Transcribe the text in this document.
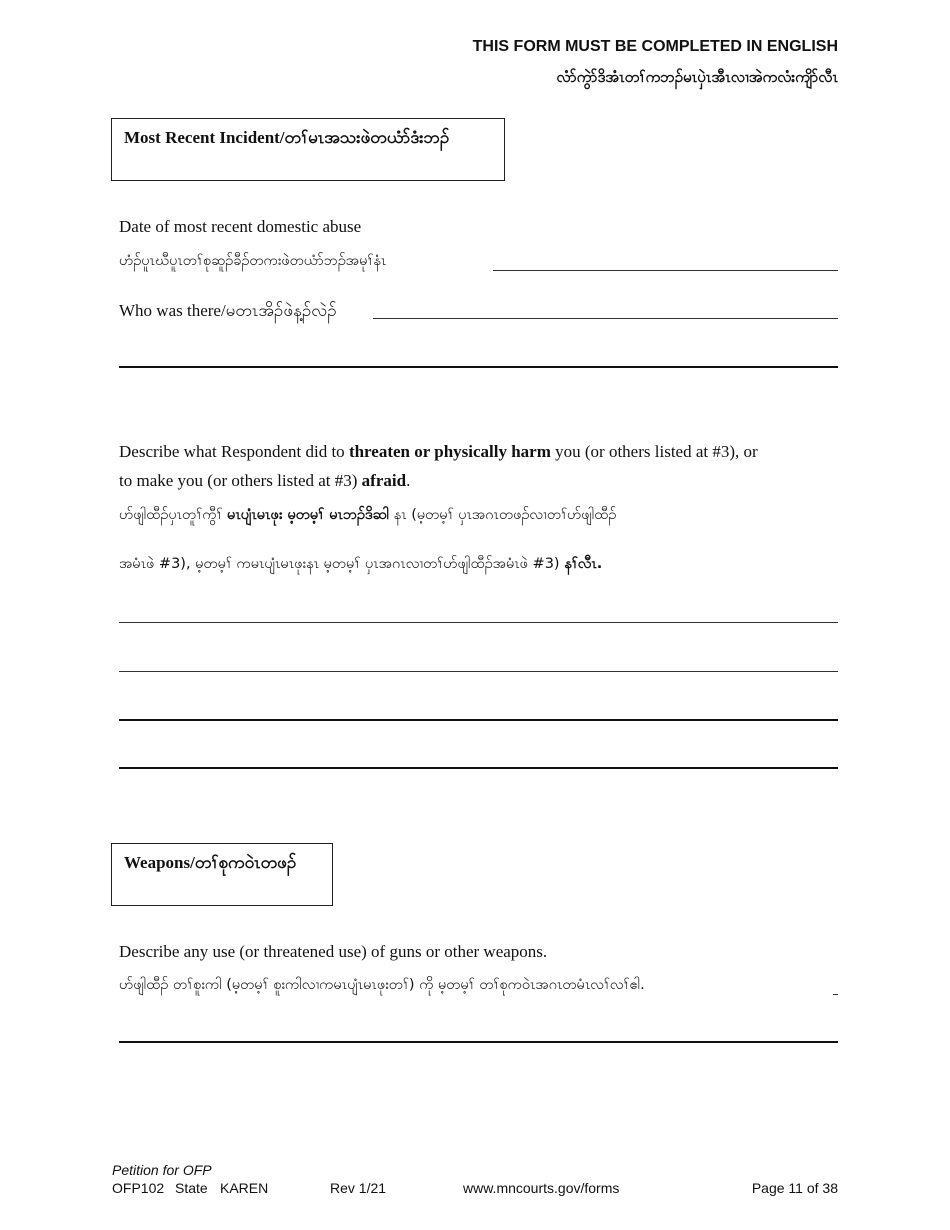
THIS FORM MUST BE COMPLETED IN ENGLISH
လံာ်ကွဲာ်ဒိအံၤတၢ်ကဘၣ်မၤပှဲၤအီၤလၢအဲကလံးကျိာ်လီၤ
Most Recent Incident/တၢ်မၤအသးဖဲတယံာ်ဒံးဘၣ်
Date of most recent domestic abuse
ဟံၣ်ပူၤဃီပူၤတၢ်စုဆူၣ်ခီၣ်တကးဖဲတယံာ်ဘၣ်အမုၢ်နံၤ
Who was there/မတၤအိၣ်ဖဲန့ၣ်လဲၣ်
Describe what Respondent did to threaten or physically harm you (or others listed at #3), or
to make you (or others listed at #3) afraid.
ဟ်ဖျါထီၣ်ပှၤတူၢ်ကွီၢ် မၤပျံၤမၤဖုး မ့တမ့ၢ် မၤဘၣ်ဒိဆါ နၤ (မ့တမ့ၢ် ပှၤအဂၤတဖၣ်လၢတၢ်ဟ်ဖျါထီၣ်
အမံၤဖဲ #3), မ့တမ့ၢ် ကမၤပျံၤမၤဖုးနၤ မ့တမ့ၢ် ပှၤအဂၤလၢတၢ်ဟ်ဖျါထီၣ်အမံၤဖဲ #3) နၢ်လီၤ.
Weapons/တၢ်စုကဝဲၤတဖၣ်
Describe any use (or threatened use) of guns or other weapons.
ဟ်ဖျါထီၣ် တၢ်စူးကါ (မ့တမ့ၢ် စူးကါလၢကမၤပျံၤမၤဖုးတၢ်) ကို မ့တမ့ၢ် တၢ်စုကဝဲၤအဂၤတမံၤလၢ်လၢ်ဧါ.
Petition for OFP
OFP102 State KAREN	Rev 1/21	www.mncourts.gov/forms	Page 11 of 38
